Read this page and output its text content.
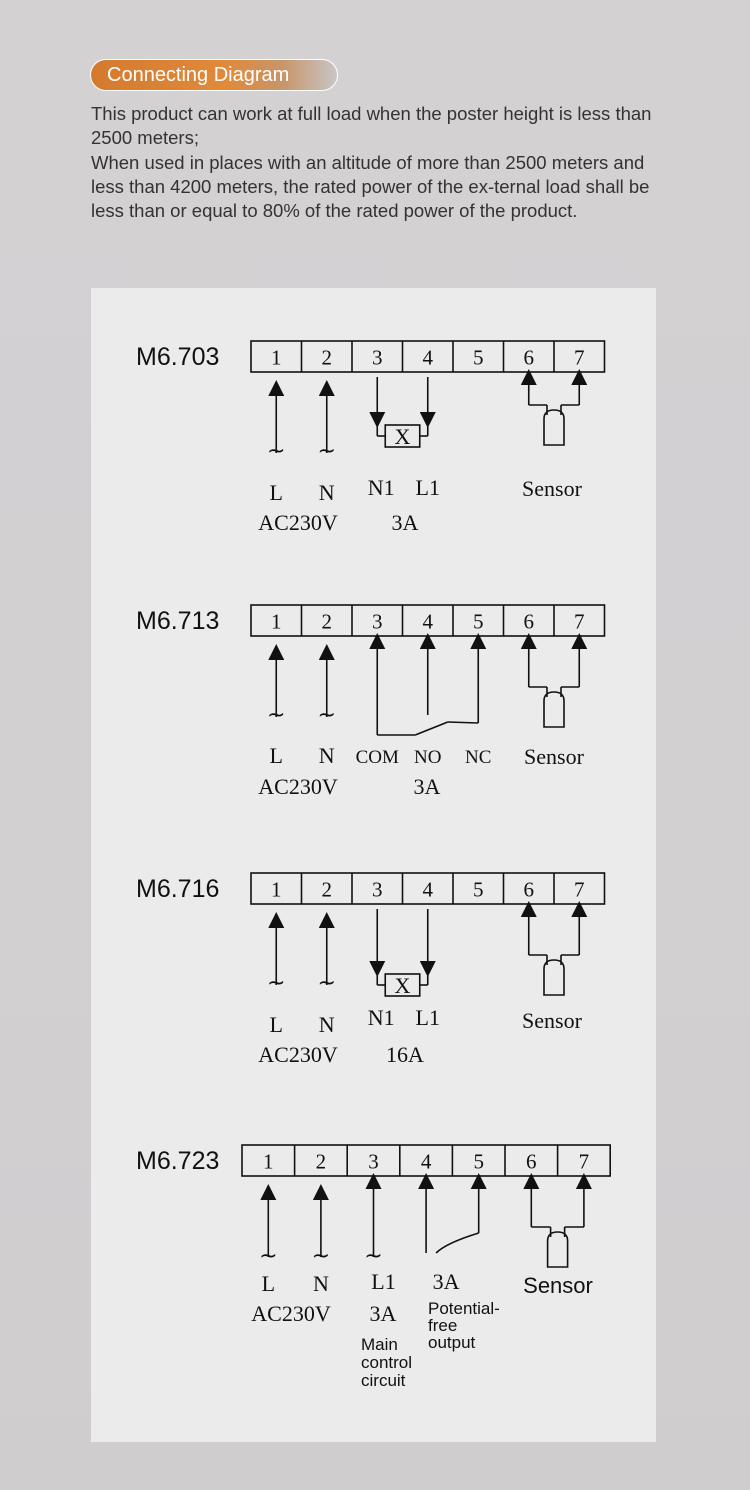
Connecting Diagram

This product can work at full load when the poster height is less than 2500 meters;

When used in places with an altitude of more than 2500 meters and less than 4200 meters, the rated power of the ex-ternal load shall be less than or equal to 80% of the rated power of the product.

M6.703 1 2 3 4 5 6 7
~ ~
X
L N N1 L1	Sensor
AC230V 3A
M6.713 1 2 3 4 5 6 7
~ ~
L N COM NO NC Sensor
AC230V	3A
M6.716 1 2 3 4 5 6 7
~ ~	X
L N N1 L1	Sensor
AC230V 16A
M6.723 1 2 3 4 5 6 7
~ ~ ~
L N L1 3A	Sensor
AC230V 3A
Main
control
circuit
Potential-
free
output
